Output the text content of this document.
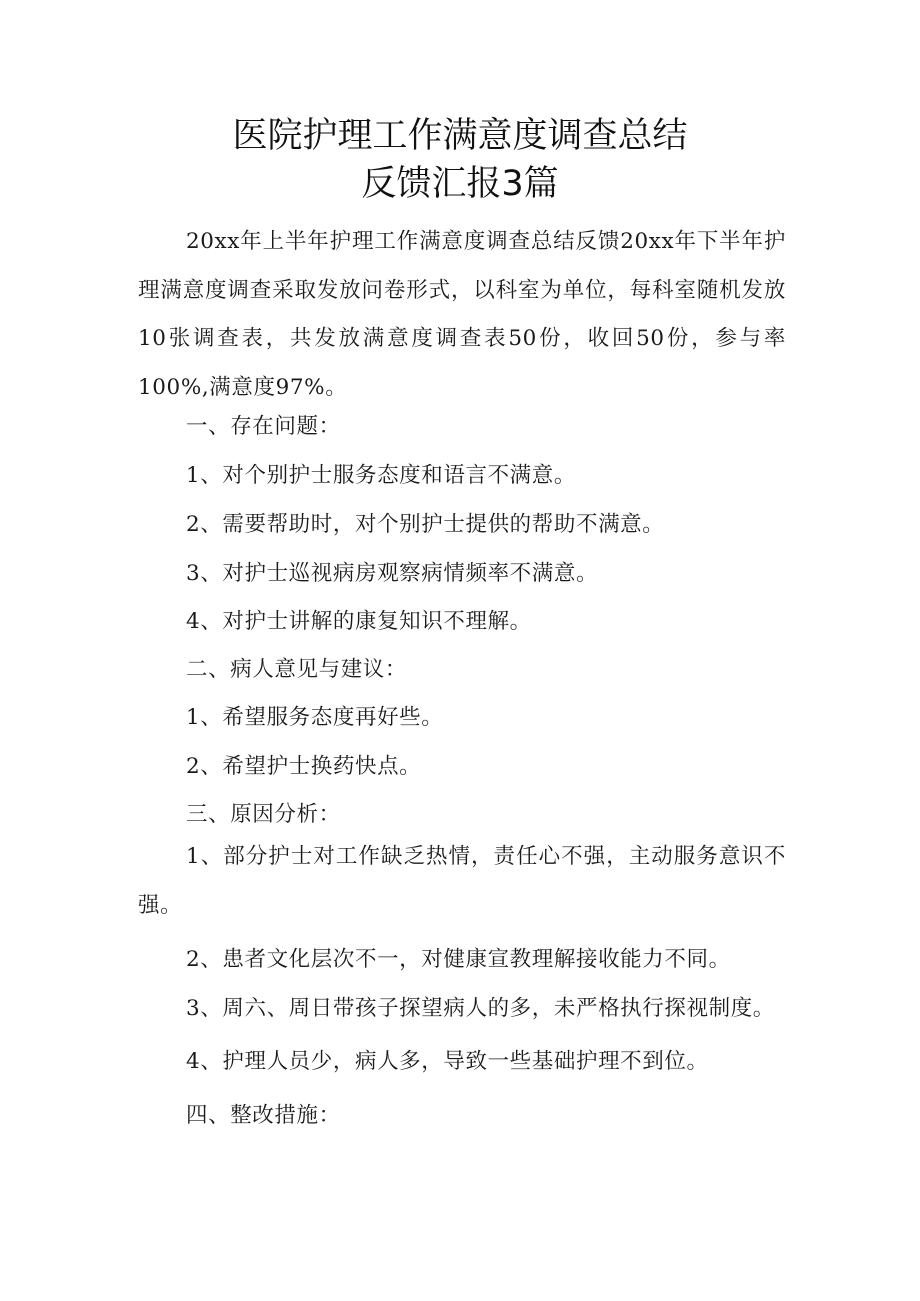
医院护理工作满意度调查总结
反馈汇报3篇
20xx年上半年护理工作满意度调查总结反馈20xx年下半年护理满意度调查采取发放问卷形式，以科室为单位，每科室随机发放10张调查表，共发放满意度调查表50份，收回50份，参与率100%,满意度97%。
一、存在问题：
1、对个别护士服务态度和语言不满意。
2、需要帮助时，对个别护士提供的帮助不满意。
3、对护士巡视病房观察病情频率不满意。
4、对护士讲解的康复知识不理解。
二、病人意见与建议：
1、希望服务态度再好些。
2、希望护士换药快点。
三、原因分析：
1、部分护士对工作缺乏热情，责任心不强，主动服务意识不强。
2、患者文化层次不一，对健康宣教理解接收能力不同。
3、周六、周日带孩子探望病人的多，未严格执行探视制度。
4、护理人员少，病人多，导致一些基础护理不到位。
四、整改措施：
